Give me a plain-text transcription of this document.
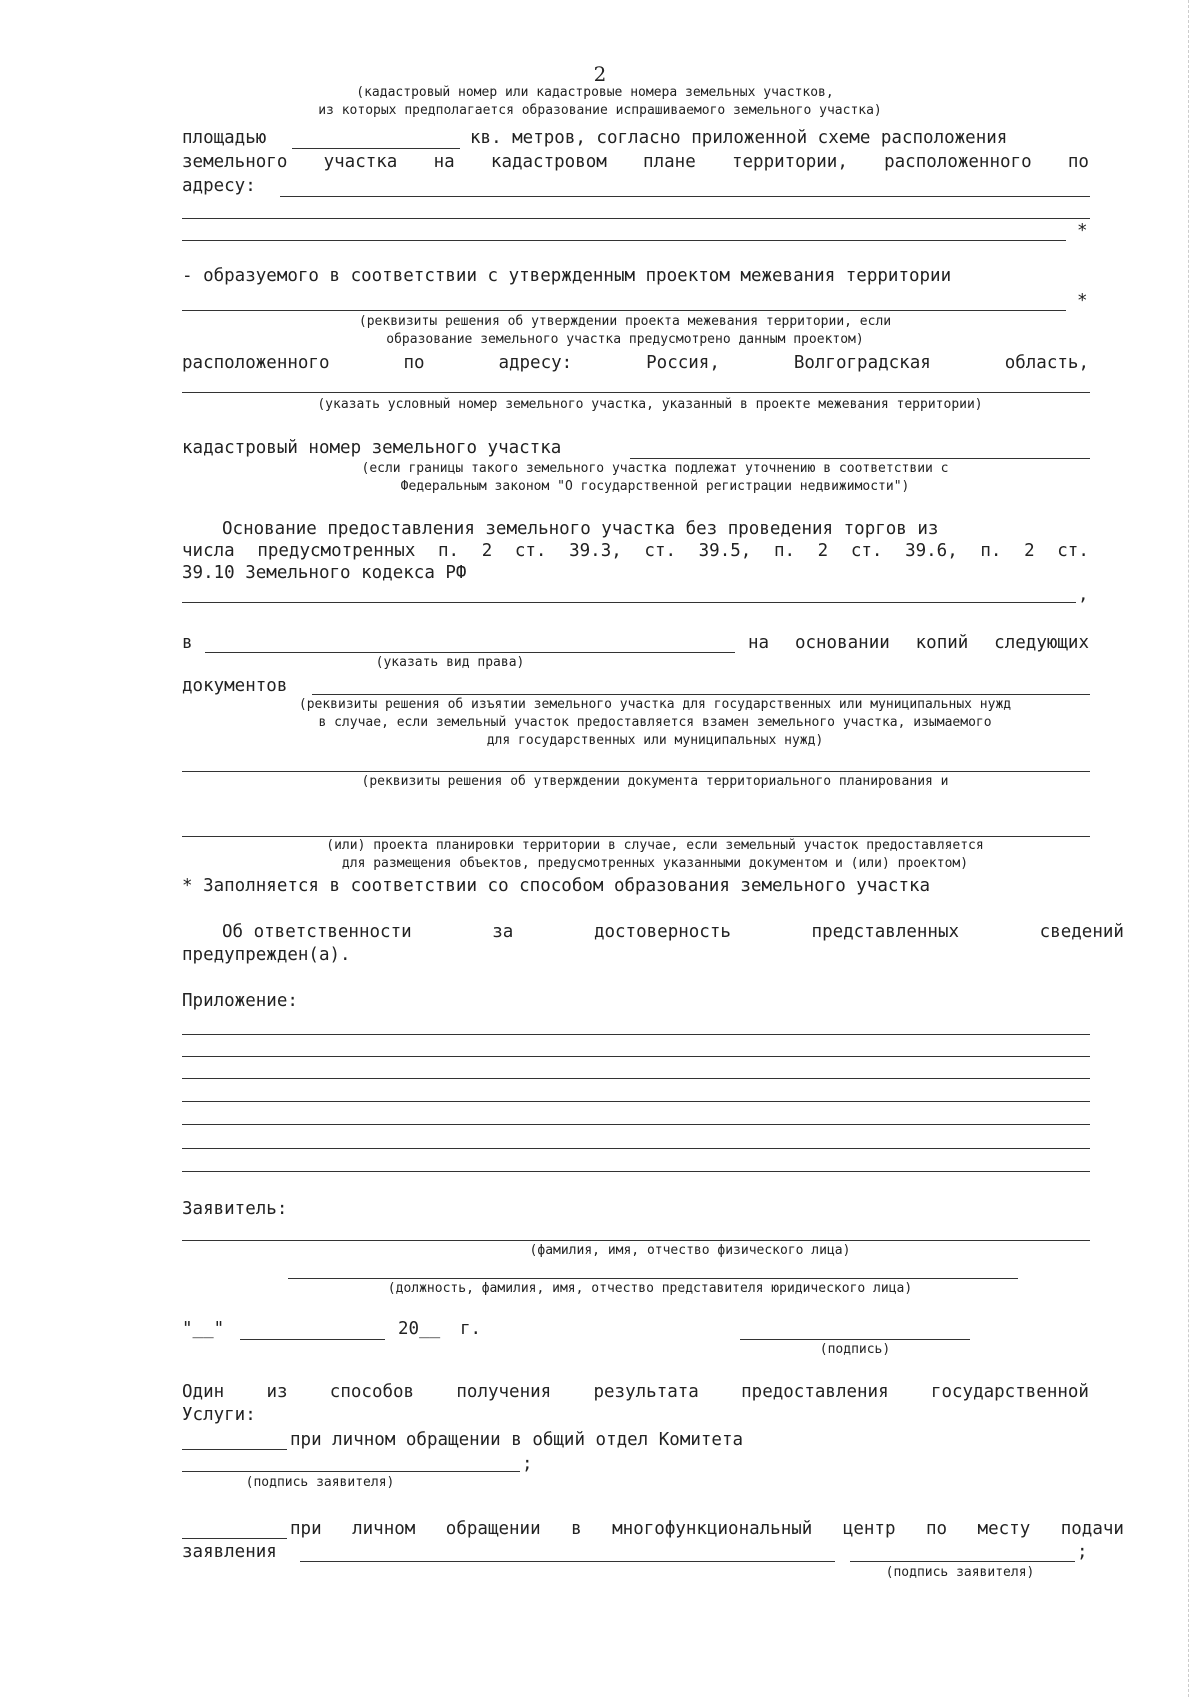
2
(кадастровый номер или кадастровые номера земельных участков,
из которых предполагается образование испрашиваемого земельного участка)
площадью	кв. метров, согласно приложенной схеме расположения
земельного участка на кадастровом плане территории, расположенного по
адресу:
*
- образуемого в соответствии с утвержденным проектом межевания территории
*
(реквизиты решения об утверждении проекта межевания территории, если
образование земельного участка предусмотрено данным проектом)
расположенного	по	адресу:	Россия,	Волгоградская	область,
(указать условный номер земельного участка, указанный в проекте межевания территории)
кадастровый номер земельного участка
(если границы такого земельного участка подлежат уточнению в соответствии с
Федеральным законом "О государственной регистрации недвижимости")
Основание предоставления земельного участка без проведения торгов из
числа предусмотренных п. 2 ст. 39.3, ст. 39.5, п. 2 ст. 39.6, п. 2 ст.
39.10 Земельного кодекса РФ
,
в	на основании копий следующих
(указать вид права)
документов
(реквизиты решения об изъятии земельного участка для государственных или муниципальных нужд
в случае, если земельный участок предоставляется взамен земельного участка, изымаемого
для государственных или муниципальных нужд)
(реквизиты решения об утверждении документа территориального планирования и
(или) проекта планировки территории в случае, если земельный участок предоставляется
для размещения объектов, предусмотренных указанными документом и (или) проектом)
* Заполняется в соответствии со способом образования земельного участка
Об ответственности	за	достоверность	представленных	сведений
предупрежден(а).
Приложение:
Заявитель:
(фамилия, имя, отчество физического лица)
(должность, фамилия, имя, отчество представителя юридического лица)
"__"	20__ г.
(подпись)
Один из способов получения результата предоставления государственной
Услуги:
при личном обращении в общий отдел Комитета
;
(подпись заявителя)
при личном обращении в многофункциональный центр по месту подачи
заявления	;
(подпись заявителя)
